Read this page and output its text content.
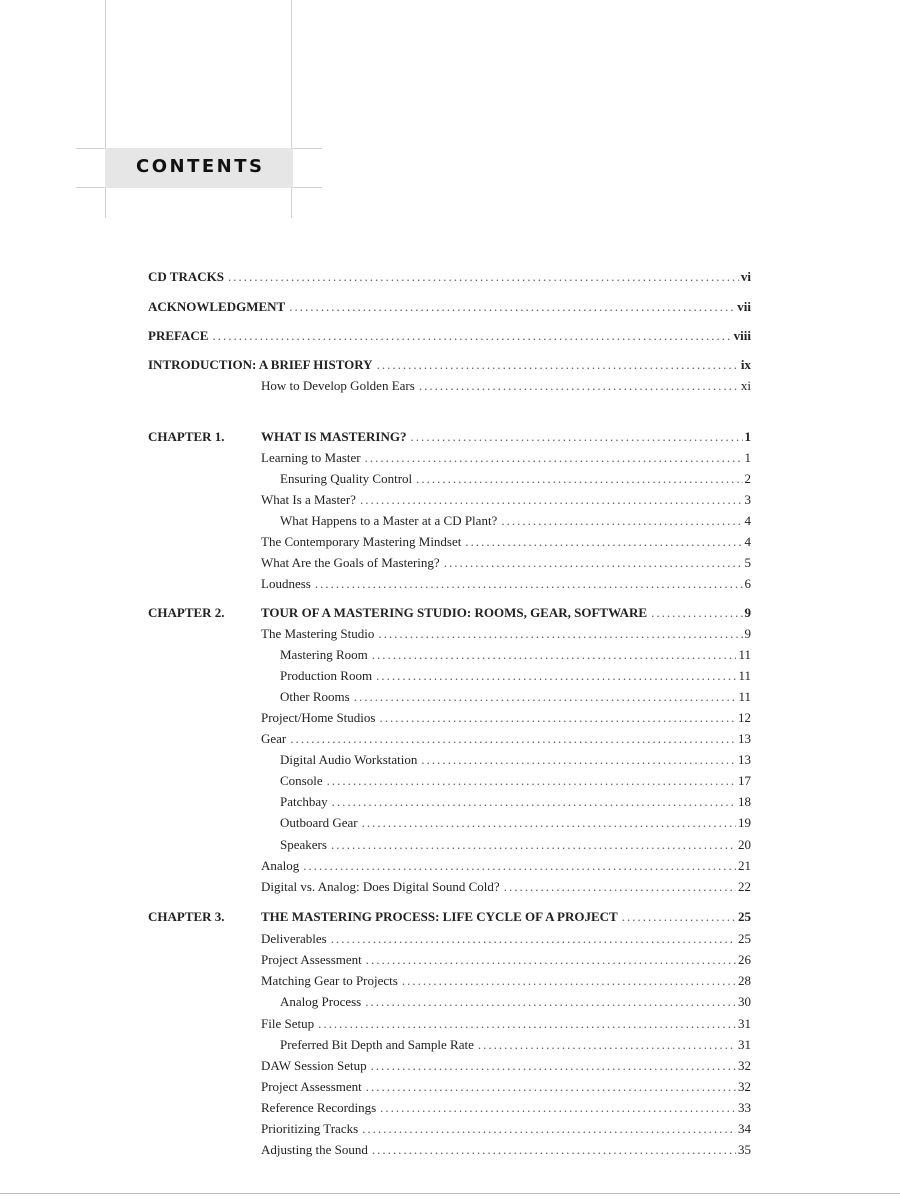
CONTENTS
CD TRACKS .....	vi
ACKNOWLEDGMENT .....	vii
PREFACE .....	viii
INTRODUCTION: A BRIEF HISTORY .....	ix
How to Develop Golden Ears .....	xi
CHAPTER 1.	WHAT IS MASTERING? .....	1
Learning to Master .....	1
Ensuring Quality Control .....	2
What Is a Master? .....	3
What Happens to a Master at a CD Plant? .....	4
The Contemporary Mastering Mindset .....	4
What Are the Goals of Mastering? .....	5
Loudness .....	6
CHAPTER 2.	TOUR OF A MASTERING STUDIO: ROOMS, GEAR, SOFTWARE .....	9
The Mastering Studio .....	9
Mastering Room .....	11
Production Room .....	11
Other Rooms .....	11
Project/Home Studios .....	12
Gear .....	13
Digital Audio Workstation .....	13
Console .....	17
Patchbay .....	18
Outboard Gear .....	19
Speakers .....	20
Analog .....	21
Digital vs. Analog: Does Digital Sound Cold? .....	22
CHAPTER 3.	THE MASTERING PROCESS: LIFE CYCLE OF A PROJECT .....	25
Deliverables .....	25
Project Assessment .....	26
Matching Gear to Projects .....	28
Analog Process .....	30
File Setup .....	31
Preferred Bit Depth and Sample Rate .....	31
DAW Session Setup .....	32
Project Assessment .....	32
Reference Recordings .....	33
Prioritizing Tracks .....	34
Adjusting the Sound .....	35
